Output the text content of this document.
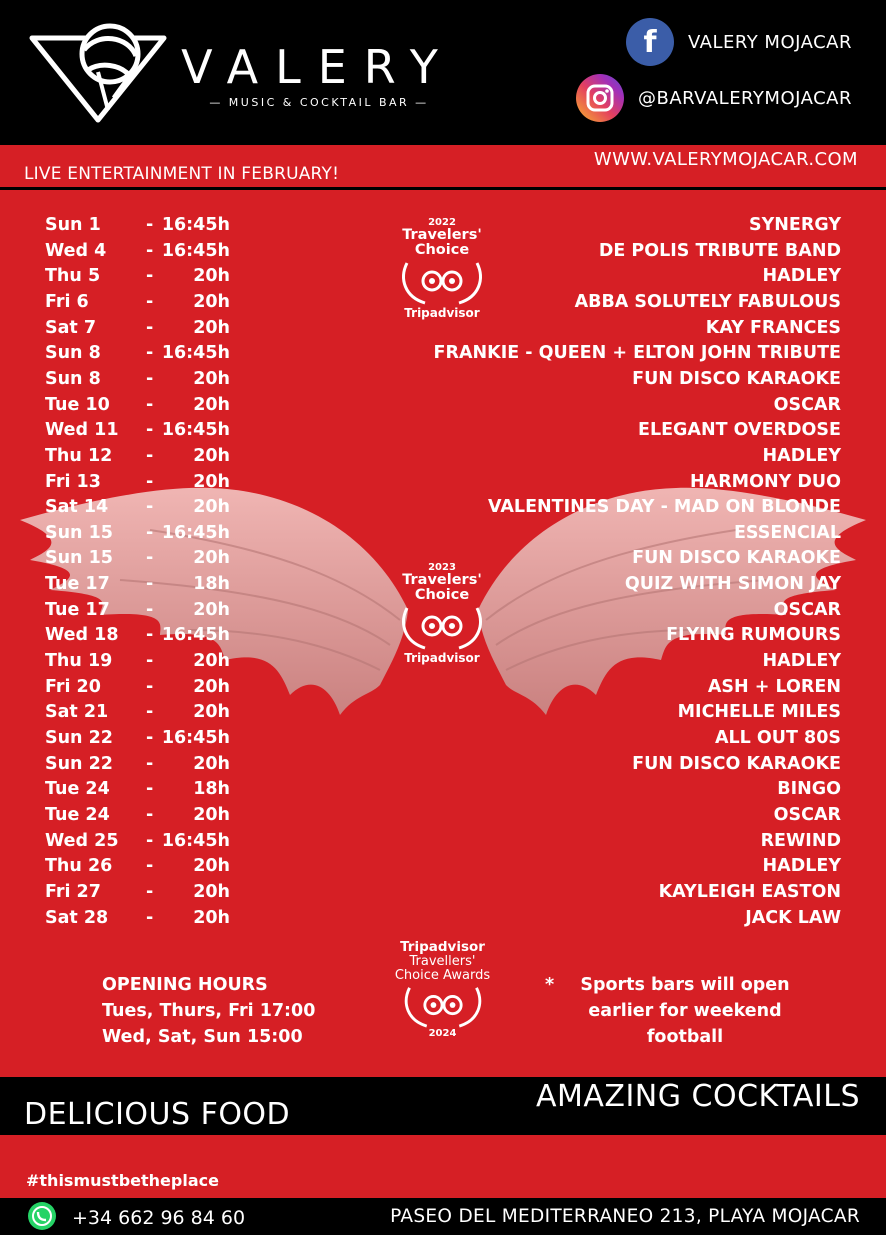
VALERY
— MUSIC & COCKTAIL BAR —
f	VALERY MOJACAR
@BARVALERYMOJACAR
WWW.VALERYMOJACAR.COM
LIVE ENTERTAINMENT IN FEBRUARY!
Sun 1	- 16:45h	SYNERGY
Wed 4 - 16:45h	DE POLIS TRIBUTE BAND
Thu 5	-	20h	HADLEY
Fri 6	-	20h	ABBA SOLUTELY FABULOUS
Sat 7	-	20h	KAY FRANCES
Sun 8	- 16:45h	FRANKIE - QUEEN + ELTON JOHN TRIBUTE
Sun 8	-	20h	FUN DISCO KARAOKE
Tue 10 -	20h	OSCAR
Wed 11 - 16:45h	ELEGANT OVERDOSE
Thu 12 -	20h	HADLEY
Fri 13	-	20h	HARMONY DUO
Sat 14 -	20h	VALENTINES DAY - MAD ON BLONDE
Sun 15 - 16:45h	ESSENCIAL
Sun 15 -	20h	FUN DISCO KARAOKE
Tue 17 -	18h	QUIZ WITH SIMON JAY
Tue 17 -	20h	OSCAR
Wed 18 - 16:45h	FLYING RUMOURS
Thu 19 -	20h	HADLEY
Fri 20	-	20h	ASH + LOREN
Sat 21 -	20h	MICHELLE MILES
Sun 22 - 16:45h	ALL OUT 80S
Sun 22 -	20h	FUN DISCO KARAOKE
Tue 24 -	18h	BINGO
Tue 24 -	20h	OSCAR
Wed 25 - 16:45h	REWIND
Thu 26 -	20h	HADLEY
Fri 27	-	20h	KAYLEIGH EASTON
Sat 28 -	20h	JACK LAW
2022
Travelers'
Choice
Tripadvisor
2023
Travelers'
Choice
Tripadvisor
Tripadvisor
Travellers'
Choice Awards
2024
OPENING HOURS
Tues, Thurs, Fri 17:00
Wed, Sat, Sun 15:00
*	Sports bars will open
earlier for weekend
football
AMAZING COCKTAILS
DELICIOUS FOOD
#thismustbetheplace
+34 662 96 84 60	PASEO DEL MEDITERRANEO 213, PLAYA MOJACAR
